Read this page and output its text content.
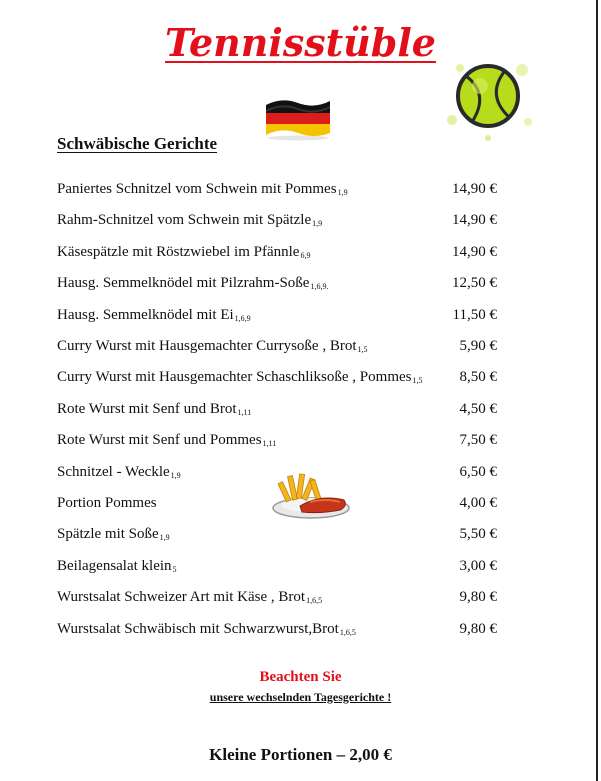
Tennisstüble
Schwäbische Gerichte
Paniertes Schnitzel vom Schwein mit Pommes$_{1,9}$	14,90 €
Rahm-Schnitzel vom Schwein mit Spätzle$_{1,9}$	14,90 €
Käsespätzle mit Röstzwiebel im Pfännle$_{6,9}$	14,90 €
Hausg. Semmelknödel mit Pilzrahm-Soße$_{1,6,9.}$	12,50 €
Hausg. Semmelknödel mit $Ei_{1,6,9}$	11,50 €
Curry Wurst mit Hausgemachter Currysoße , Brot$_{1,5}$	5,90 €
Curry Wurst mit Hausgemachter Schaschliksoße , Pommes$_{1,5}$ 8,50 €
Rote Wurst mit Senf und Brot$_{1,11}$	4,50 €
Rote Wurst mit Senf und Pommes$_{1,11}$	7,50 €
Schnitzel - Weckle$_{1,9}$	6,50 €
Portion Pommes	4,00 €
Spätzle mit Soße$_{1,9}$	5,50 €
Beilagensalat klein$_5$	3,00 €
Wurstsalat Schweizer Art mit Käse , Brot$_{1,6,5}$	9,80 €
Wurstsalat Schwäbisch mit Schwarzwurst,Brot$_{1,6,5}$	9,80 €
Beachten Sie
unsere wechselnden Tagesgerichte !
Kleine Portionen – 2,00 €
